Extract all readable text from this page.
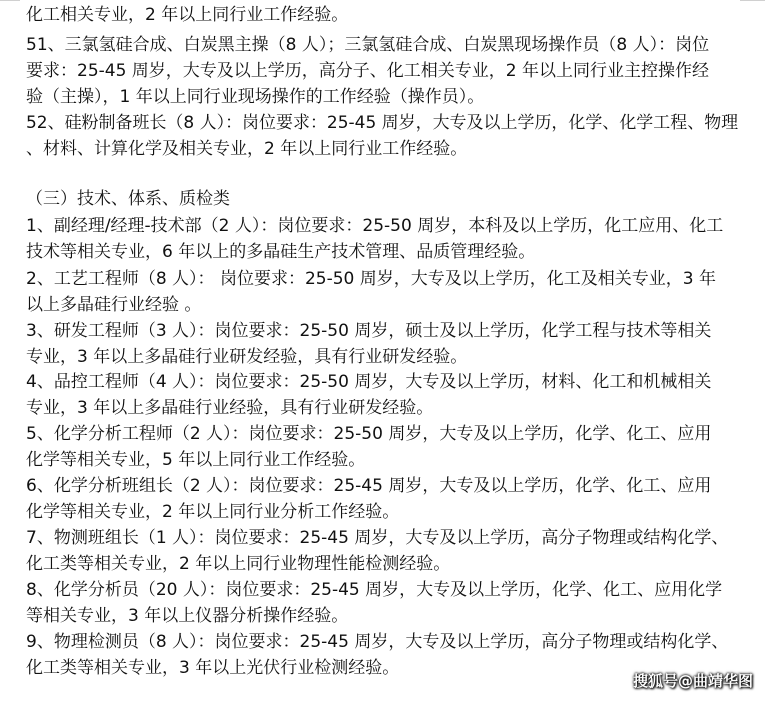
化工相关专业，2 年以上同行业工作经验。
51、三氯氢硅合成、白炭黑主操（8 人）；三氯氢硅合成、白炭黑现场操作员（8 人）：岗位
要求：25-45 周岁，大专及以上学历，高分子、化工相关专业，2 年以上同行业主控操作经
验（主操），1 年以上同行业现场操作的工作经验（操作员）。
52、硅粉制备班长（8 人）：岗位要求：25-45 周岁，大专及以上学历，化学、化学工程、物理
、材料、计算化学及相关专业，2 年以上同行业工作经验。
（三）技术、体系、质检类
1、副经理/经理-技术部（2 人）：岗位要求：25-50 周岁，本科及以上学历，化工应用、化工
技术等相关专业，6 年以上的多晶硅生产技术管理、品质管理经验。
2、工艺工程师（8 人）： 岗位要求：25-50 周岁，大专及以上学历，化工及相关专业，3 年
以上多晶硅行业经验 。
3、研发工程师（3 人）：岗位要求：25-50 周岁，硕士及以上学历，化学工程与技术等相关
专业，3 年以上多晶硅行业研发经验，具有行业研发经验。
4、品控工程师（4 人）：岗位要求：25-50 周岁，大专及以上学历，材料、化工和机械相关
专业，3 年以上多晶硅行业经验，具有行业研发经验。
5、化学分析工程师（2 人）：岗位要求：25-50 周岁，大专及以上学历，化学、化工、应用
化学等相关专业，5 年以上同行业工作经验。
6、化学分析班组长（2 人）：岗位要求：25-45 周岁，大专及以上学历，化学、化工、应用
化学等相关专业，2 年以上同行业分析工作经验。
7、物测班组长（1 人）：岗位要求：25-45 周岁，大专及以上学历，高分子物理或结构化学、
化工类等相关专业，2 年以上同行业物理性能检测经验。
8、化学分析员（20 人）：岗位要求：25-45 周岁，大专及以上学历，化学、化工、应用化学
等相关专业，3 年以上仪器分析操作经验。
9、物理检测员（8 人）：岗位要求：25-45 周岁，大专及以上学历，高分子物理或结构化学、
化工类等相关专业，3 年以上光伏行业检测经验。
搜狐号@曲靖华图
